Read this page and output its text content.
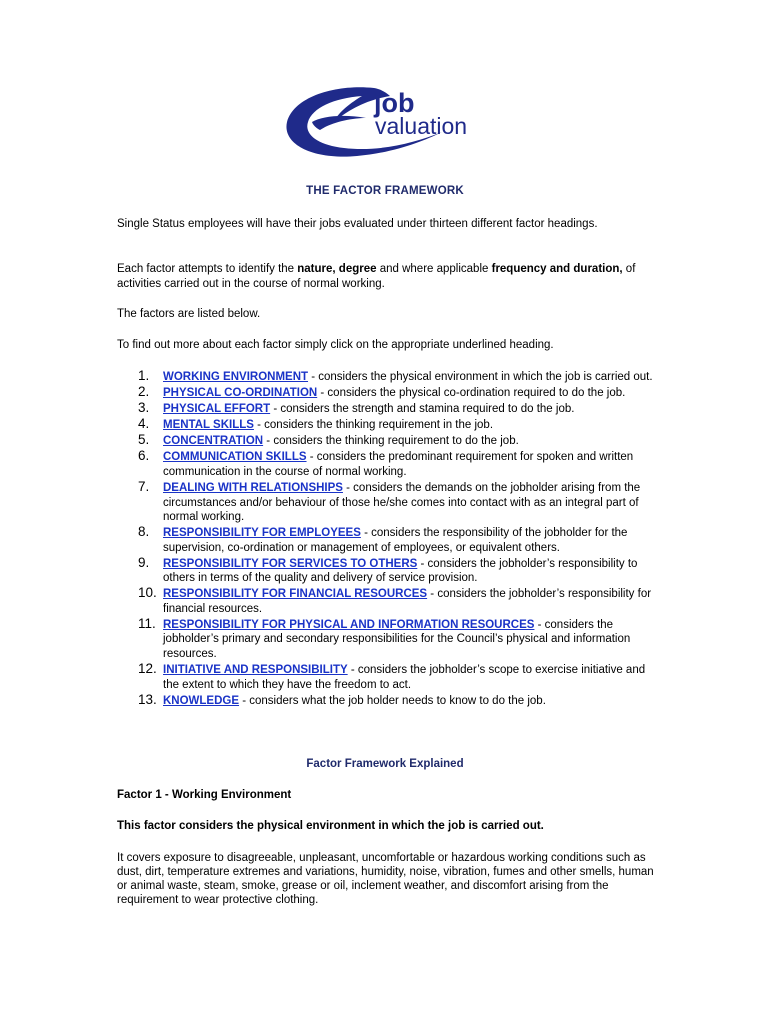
job
valuation
THE FACTOR FRAMEWORK
Single Status employees will have their jobs evaluated under thirteen different factor headings.
Each factor attempts to identify the nature, degree and where applicable frequency and duration, of activities carried out in the course of normal working.
The factors are listed below.
To find out more about each factor simply click on the appropriate underlined heading.
1.	WORKING ENVIRONMENT - considers the physical environment in which the job is carried out.
2.	PHYSICAL CO-ORDINATION - considers the physical co-ordination required to do the job.
3.	PHYSICAL EFFORT - considers the strength and stamina required to do the job.
4.	MENTAL SKILLS - considers the thinking requirement in the job.
5.	CONCENTRATION - considers the thinking requirement to do the job.
6.	COMMUNICATION SKILLS - considers the predominant requirement for spoken and written communication in the course of normal working.
7.	DEALING WITH RELATIONSHIPS - considers the demands on the jobholder arising from the circumstances and/or behaviour of those he/she comes into contact with as an integral part of normal working.
8.	RESPONSIBILITY FOR EMPLOYEES - considers the responsibility of the jobholder for the supervision, co-ordination or management of employees, or equivalent others.
9.	RESPONSIBILITY FOR SERVICES TO OTHERS - considers the jobholder’s responsibility to others in terms of the quality and delivery of service provision.
10. RESPONSIBILITY FOR FINANCIAL RESOURCES - considers the jobholder’s responsibility for financial resources.
11. RESPONSIBILITY FOR PHYSICAL AND INFORMATION RESOURCES - considers the jobholder’s primary and secondary responsibilities for the Council’s physical and information resources.
12. INITIATIVE AND RESPONSIBILITY - considers the jobholder’s scope to exercise initiative and the extent to which they have the freedom to act.
13. KNOWLEDGE - considers what the job holder needs to know to do the job.
Factor Framework Explained
Factor 1 - Working Environment
This factor considers the physical environment in which the job is carried out.
It covers exposure to disagreeable, unpleasant, uncomfortable or hazardous working conditions such as dust, dirt, temperature extremes and variations, humidity, noise, vibration, fumes and other smells, human or animal waste, steam, smoke, grease or oil, inclement weather, and discomfort arising from the requirement to wear protective clothing.
